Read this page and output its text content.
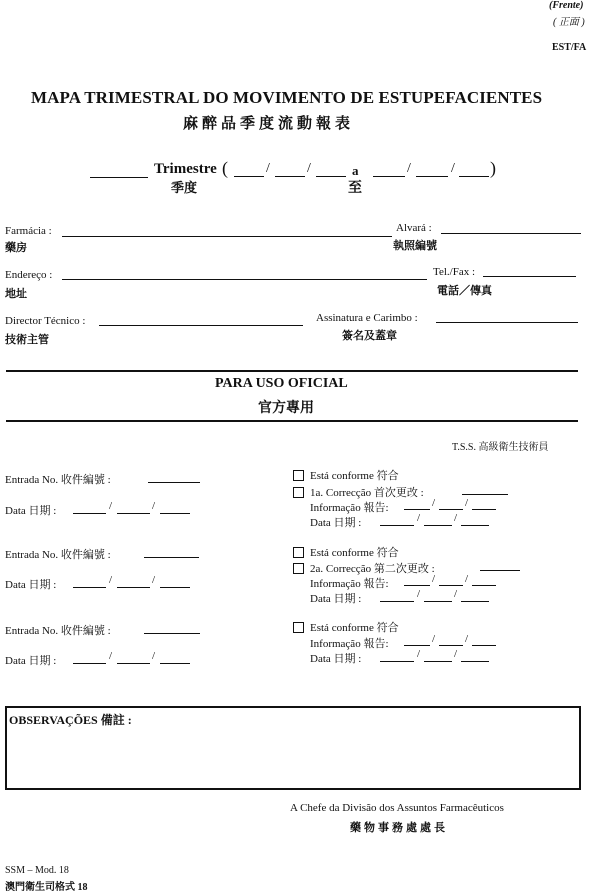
(Frente)
( 正面 )
EST/FA
MAPA TRIMESTRAL DO MOVIMENTO DE ESTUPEFACIENTES
麻醉品季度流動報表
Trimestre
季度
(	/	/	a
至
/	/ )
Farmácia :
藥房
Alvará :
執照編號
Endereço :
地址
Tel./Fax :
電話／傳真
Director Técnico :
技術主管
Assinatura e Carimbo :
簽名及蓋章
PARA USO OFICIAL
官方專用
T.S.S. 高級衛生技術員
Entrada No. 收件編號 :
Data 日期 :	/	/
Está conforme 符合
1a. Correcção 首次更改 :
Informação 報告:	/	/
Data 日期 :	/	/
Entrada No. 收件編號 :
Data 日期 :	/	/
Está conforme 符合
2a. Correcção 第二次更改 :
Informação 報告:	/	/
Data 日期 :	/	/
Entrada No. 收件編號 :
Data 日期 :	/	/
Está conforme 符合
Informação 報告:	/	/
Data 日期 :	/	/
OBSERVAÇÕES 備註 :
A Chefe da Divisão dos Assuntos Farmacêuticos
藥物事務處處長
SSM – Mod. 18
澳門衛生司格式 18
